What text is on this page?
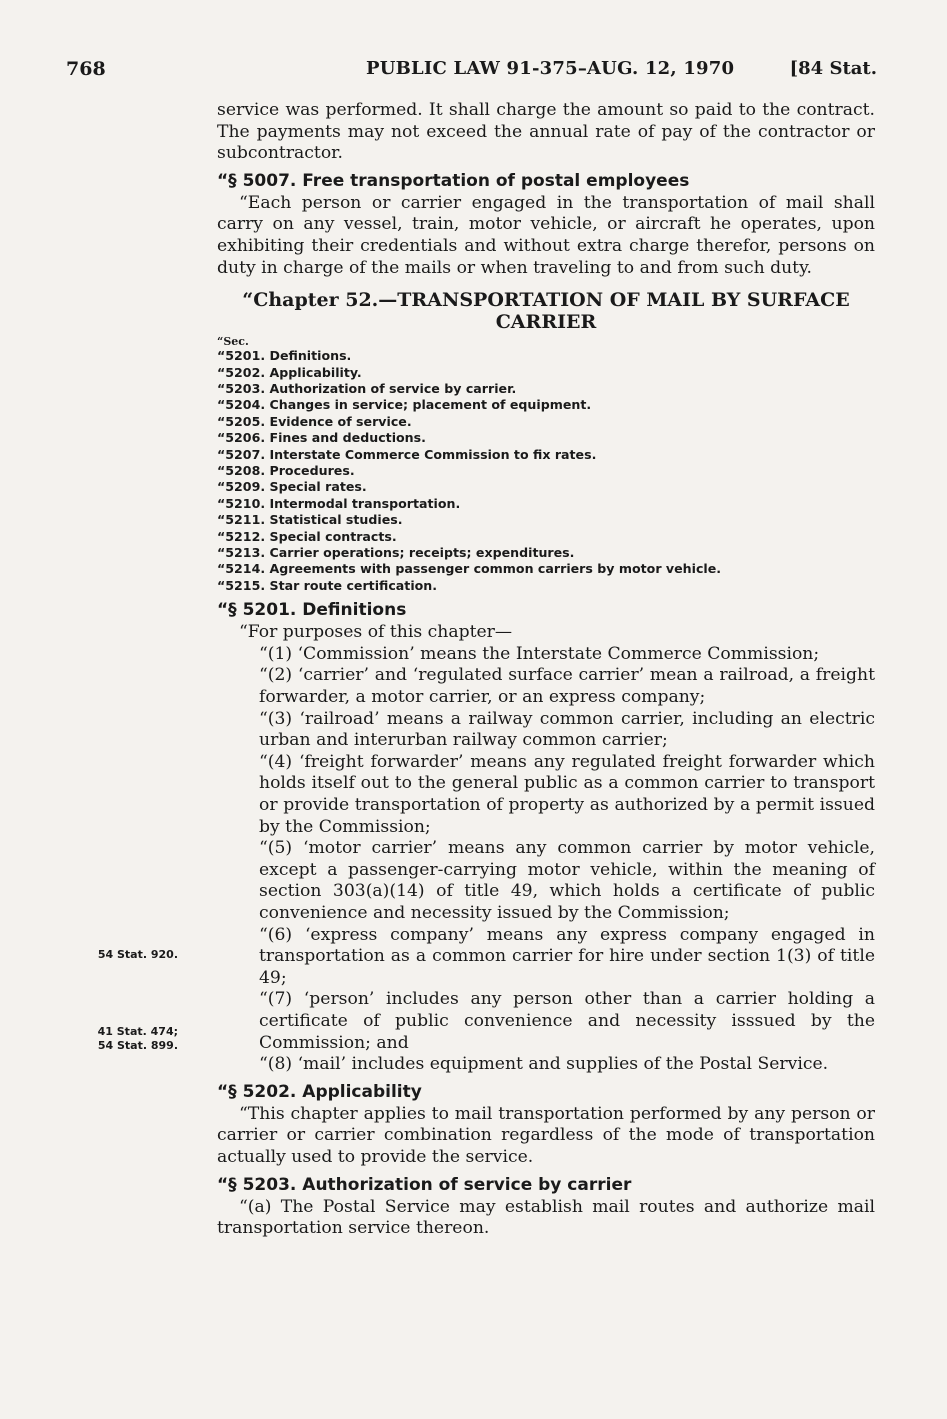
768	PUBLIC LAW 91-375–AUG. 12, 1970	[84 Stat.
54 Stat. 920.
41 Stat. 474;
54 Stat. 899.

service was performed. It shall charge the amount so paid to the contract. The payments may not exceed the annual rate of pay of the contractor or subcontractor.

“§ 5007. Free transportation of postal employees

“Each person or carrier engaged in the transportation of mail shall carry on any vessel, train, motor vehicle, or aircraft he operates, upon exhibiting their credentials and without extra charge therefor, persons on duty in charge of the mails or when traveling to and from such duty.

“Chapter 52.—TRANSPORTATION OF MAIL BY SURFACE CARRIER
“Sec.
“5201. Definitions.
“5202. Applicability.
“5203. Authorization of service by carrier.
“5204. Changes in service; placement of equipment.
“5205. Evidence of service.
“5206. Fines and deductions.
“5207. Interstate Commerce Commission to fix rates.
“5208. Procedures.
“5209. Special rates.
“5210. Intermodal transportation.
“5211. Statistical studies.
“5212. Special contracts.
“5213. Carrier operations; receipts; expenditures.
“5214. Agreements with passenger common carriers by motor vehicle.
“5215. Star route certification.
“§ 5201. Definitions

“For purposes of this chapter—

“(1) ‘Commission’ means the Interstate Commerce Commission;

“(2) ‘carrier’ and ‘regulated surface carrier’ mean a railroad, a freight forwarder, a motor carrier, or an express company;

“(3) ‘railroad’ means a railway common carrier, including an electric urban and interurban railway common carrier;

“(4) ‘freight forwarder’ means any regulated freight forwarder which holds itself out to the general public as a common carrier to transport or provide transportation of property as authorized by a permit issued by the Commission;

“(5) ‘motor carrier’ means any common carrier by motor vehicle, except a passenger-carrying motor vehicle, within the meaning of section 303(a)(14) of title 49, which holds a certificate of public convenience and necessity issued by the Commission;

“(6) ‘express company’ means any express company engaged in transportation as a common carrier for hire under section 1(3) of title 49;

“(7) ‘person’ includes any person other than a carrier holding a certificate of public convenience and necessity isssued by the Commission; and

“(8) ‘mail’ includes equipment and supplies of the Postal Service.

“§ 5202. Applicability

“This chapter applies to mail transportation performed by any person or carrier or carrier combination regardless of the mode of transportation actually used to provide the service.

“§ 5203. Authorization of service by carrier

“(a) The Postal Service may establish mail routes and authorize mail transportation service thereon.
